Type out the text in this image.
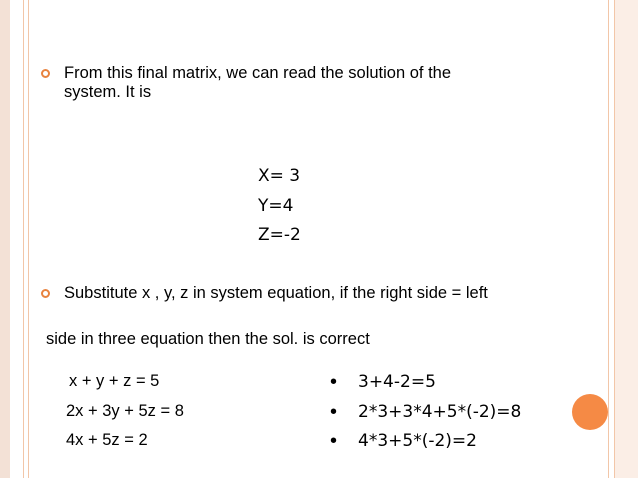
From this final matrix, we can read the solution of the
system. It is
X= 3
Y=4
Z=-2
Substitute x , y, z in system equation, if the right side = left
side in three equation then the sol. is correct
x + y + z = 5
2x + 3y + 5z = 8
4x + 5z = 2
•
•
•
3+4-2=5
2*3+3*4+5*(-2)=8
4*3+5*(-2)=2
